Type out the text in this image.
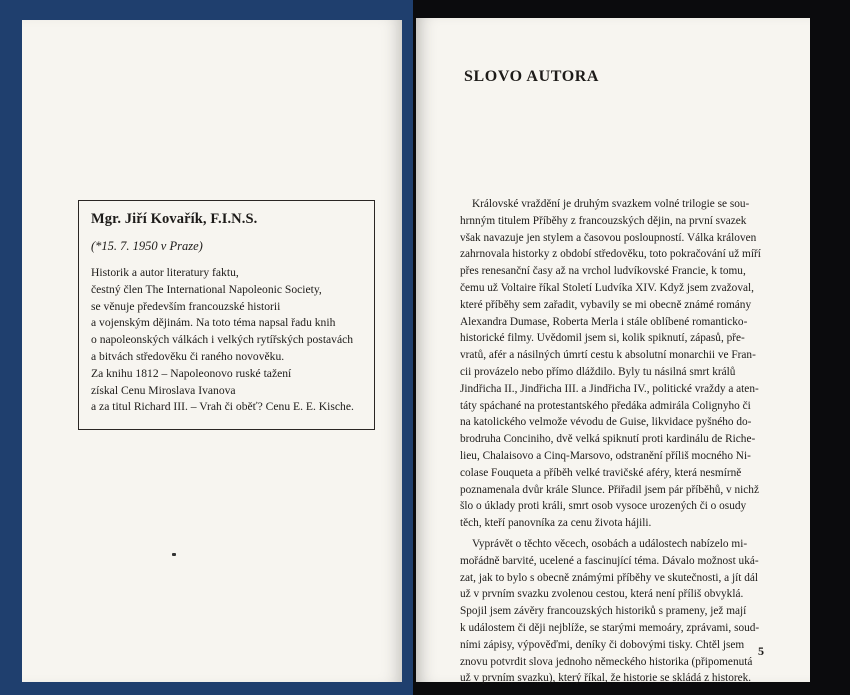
Mgr. Jiří Kovařík, F.I.N.S.
(*15. 7. 1950 v Praze)
Historik a autor literatury faktu,
čestný člen The International Napoleonic Society,
se věnuje především francouzské historii
a vojenským dějinám. Na toto téma napsal řadu knih
o napoleonských válkách i velkých rytířských postavách
a bitvách středověku či raného novověku.
Za knihu 1812 – Napoleonovo ruské tažení
získal Cenu Miroslava Ivanova
a za titul Richard III. – Vrah či oběť? Cenu E. E. Kische.
SLOVO AUTORA
Královské vraždění je druhým svazkem volné trilogie se sou-
hrnným titulem Příběhy z francouzských dějin, na první svazek
však navazuje jen stylem a časovou posloupností. Válka královen
zahrnovala historky z období středověku, toto pokračování už míří
přes renesanční časy až na vrchol ludvíkovské Francie, k tomu,
čemu už Voltaire říkal Století Ludvíka XIV. Když jsem zvažoval,
které příběhy sem zařadit, vybavily se mi obecně známé romány
Alexandra Dumase, Roberta Merla i stále oblíbené romanticko-
historické filmy. Uvědomil jsem si, kolik spiknutí, zápasů, pře-
vratů, afér a násilných úmrtí cestu k absolutní monarchii ve Fran-
cii provázelo nebo přímo dláždilo. Byly tu násilná smrt králů
Jindřicha II., Jindřicha III. a Jindřicha IV., politické vraždy a aten-
táty spáchané na protestantského předáka admirála Colignyho či
na katolického velmože vévodu de Guise, likvidace pyšného do-
brodruha Conciniho, dvě velká spiknutí proti kardinálu de Riche-
lieu, Chalaisovo a Cinq-Marsovo, odstranění příliš mocného Ni-
colase Fouqueta a příběh velké travičské aféry, která nesmírně
poznamenala dvůr krále Slunce. Přiřadil jsem pár příběhů, v nichž
šlo o úklady proti králi, smrt osob vysoce urozených či o osudy
těch, kteří panovníka za cenu života hájili.
Vyprávět o těchto věcech, osobách a událostech nabízelo mi-
mořádně barvité, ucelené a fascinující téma. Dávalo možnost uká-
zat, jak to bylo s obecně známými příběhy ve skutečnosti, a jít dál
už v prvním svazku zvolenou cestou, která není příliš obvyklá.
Spojil jsem závěry francouzských historiků s prameny, jež mají
k událostem či ději nejblíže, se starými memoáry, zprávami, soud-
ními zápisy, výpověďmi, deníky či dobovými tisky. Chtěl jsem
znovu potvrdit slova jednoho německého historika (připomenutá
už v prvním svazku), který říkal, že historie se skládá z historek.
5
